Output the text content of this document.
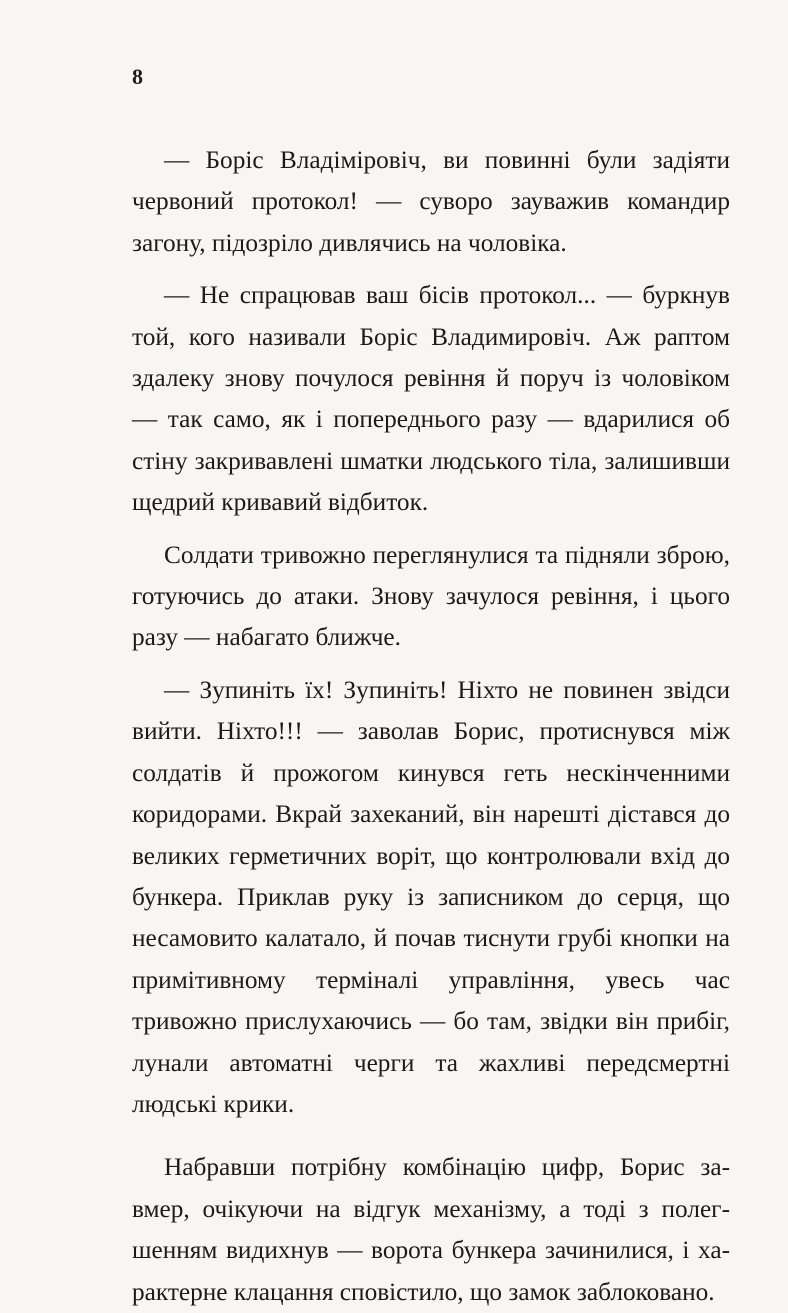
8

— Боріс Владіміровіч, ви повинні були задіяти червоний протокол! — суворо зауважив командир загону, підозріло дивлячись на чоловіка.

— Не спрацював ваш бісів протокол... — буркнув той, кого називали Боріс Владимировіч. Аж раптом здалеку знову почулося ревіння й поруч із чоловіком — так само, як і попереднього разу — вдарилися об стіну закривавлені шматки людського тіла, залишивши щедрий кривавий відбиток.

Солдати тривожно переглянулися та підняли зброю, готуючись до атаки. Знову зачулося ревіння, і цього разу — набагато ближче.

— Зупиніть їх! Зупиніть! Ніхто не повинен звідси вийти. Ніхто!!! — заволав Борис, протиснувся між солдатів й прожогом кинувся геть нескінченними коридорами. Вкрай захеканий, він нарешті дістався до великих герметичних воріт, що контролювали вхід до бункера. Приклав руку із записником до серця, що несамовито калатало, й почав тиснути грубі кнопки на примітивному терміналі управління, увесь час тривожно прислухаючись — бо там, звідки він прибіг, лунали автоматні черги та жахливі передсмертні людські крики.

Набравши потрібну комбінацію цифр, Борис завмер, очікуючи на відгук механізму, а тоді з полегшенням видихнув — ворота бункера зачинилися, і характерне клацання сповістило, що замок заблоковано.
